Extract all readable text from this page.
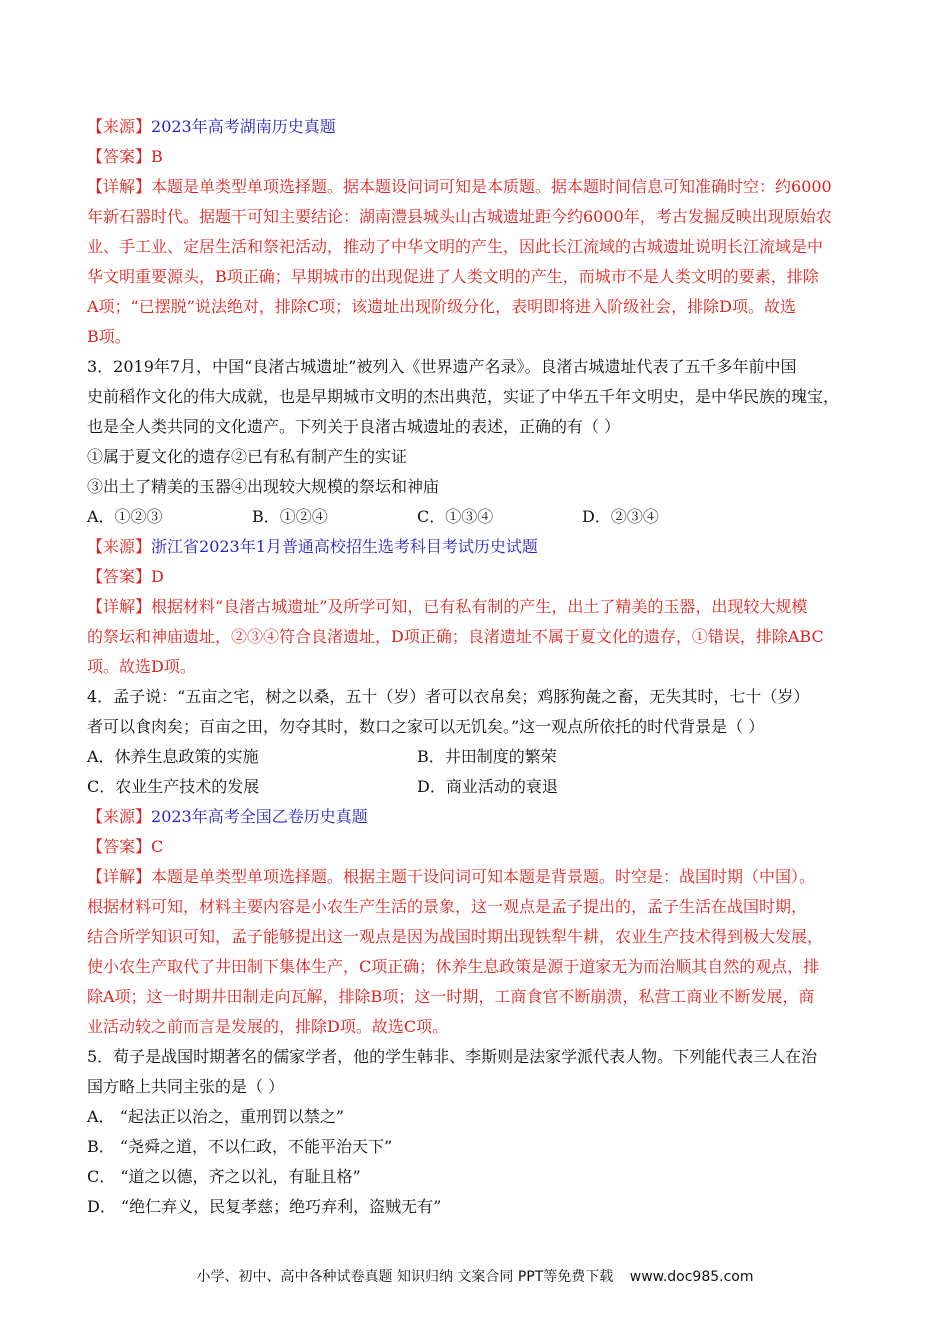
【来源】2023年高考湖南历史真题
【答案】B
【详解】本题是单类型单项选择题。据本题设问词可知是本质题。据本题时间信息可知准确时空：约6000
年新石器时代。据题干可知主要结论：湖南澧县城头山古城遗址距今约6000年，考古发掘反映出现原始农
业、手工业、定居生活和祭祀活动，推动了中华文明的产生，因此长江流域的古城遗址说明长江流域是中
华文明重要源头，B项正确；早期城市的出现促进了人类文明的产生，而城市不是人类文明的要素，排除
A项；“已摆脱”说法绝对，排除C项；该遗址出现阶级分化，表明即将进入阶级社会，排除D项。故选
B项。
3．2019年7月，中国“良渚古城遗址”被列入《世界遗产名录》。良渚古城遗址代表了五千多年前中国
史前稻作文化的伟大成就，也是早期城市文明的杰出典范，实证了中华五千年文明史，是中华民族的瑰宝，
也是全人类共同的文化遗产。下列关于良渚古城遗址的表述，正确的有（ ）
①属于夏文化的遗存②已有私有制产生的实证
③出土了精美的玉器④出现较大规模的祭坛和神庙
A．①②③	B．①②④	C．①③④	D．②③④
【来源】浙江省2023年1月普通高校招生选考科目考试历史试题
【答案】D
【详解】根据材料“良渚古城遗址”及所学可知，已有私有制的产生，出土了精美的玉器，出现较大规模
的祭坛和神庙遗址，②③④符合良渚遗址，D项正确；良渚遗址不属于夏文化的遗存，①错误，排除ABC
项。故选D项。
4．孟子说：“五亩之宅，树之以桑，五十（岁）者可以衣帛矣；鸡豚狗彘之畜，无失其时，七十（岁）
者可以食肉矣；百亩之田，勿夺其时，数口之家可以无饥矣。”这一观点所依托的时代背景是（ ）
A．休养生息政策的实施	B．井田制度的繁荣
C．农业生产技术的发展	D．商业活动的衰退
【来源】2023年高考全国乙卷历史真题
【答案】C
【详解】本题是单类型单项选择题。根据主题干设问词可知本题是背景题。时空是：战国时期（中国）。
根据材料可知，材料主要内容是小农生产生活的景象，这一观点是孟子提出的，孟子生活在战国时期，
结合所学知识可知，孟子能够提出这一观点是因为战国时期出现铁犁牛耕，农业生产技术得到极大发展，
使小农生产取代了井田制下集体生产，C项正确；休养生息政策是源于道家无为而治顺其自然的观点，排
除A项；这一时期井田制走向瓦解，排除B项；这一时期，工商食官不断崩溃，私营工商业不断发展，商
业活动较之前而言是发展的，排除D项。故选C项。
5．荀子是战国时期著名的儒家学者，他的学生韩非、李斯则是法家学派代表人物。下列能代表三人在治
国方略上共同主张的是（ ）
A． “起法正以治之，重刑罚以禁之”
B． “尧舜之道，不以仁政，不能平治天下”
C． “道之以德，齐之以礼，有耻且格”
D． “绝仁弃义，民复孝慈；绝巧弃利，盗贼无有”
小学、初中、高中各种试卷真题 知识归纳 文案合同 PPT等免费下载 www.doc985.com
